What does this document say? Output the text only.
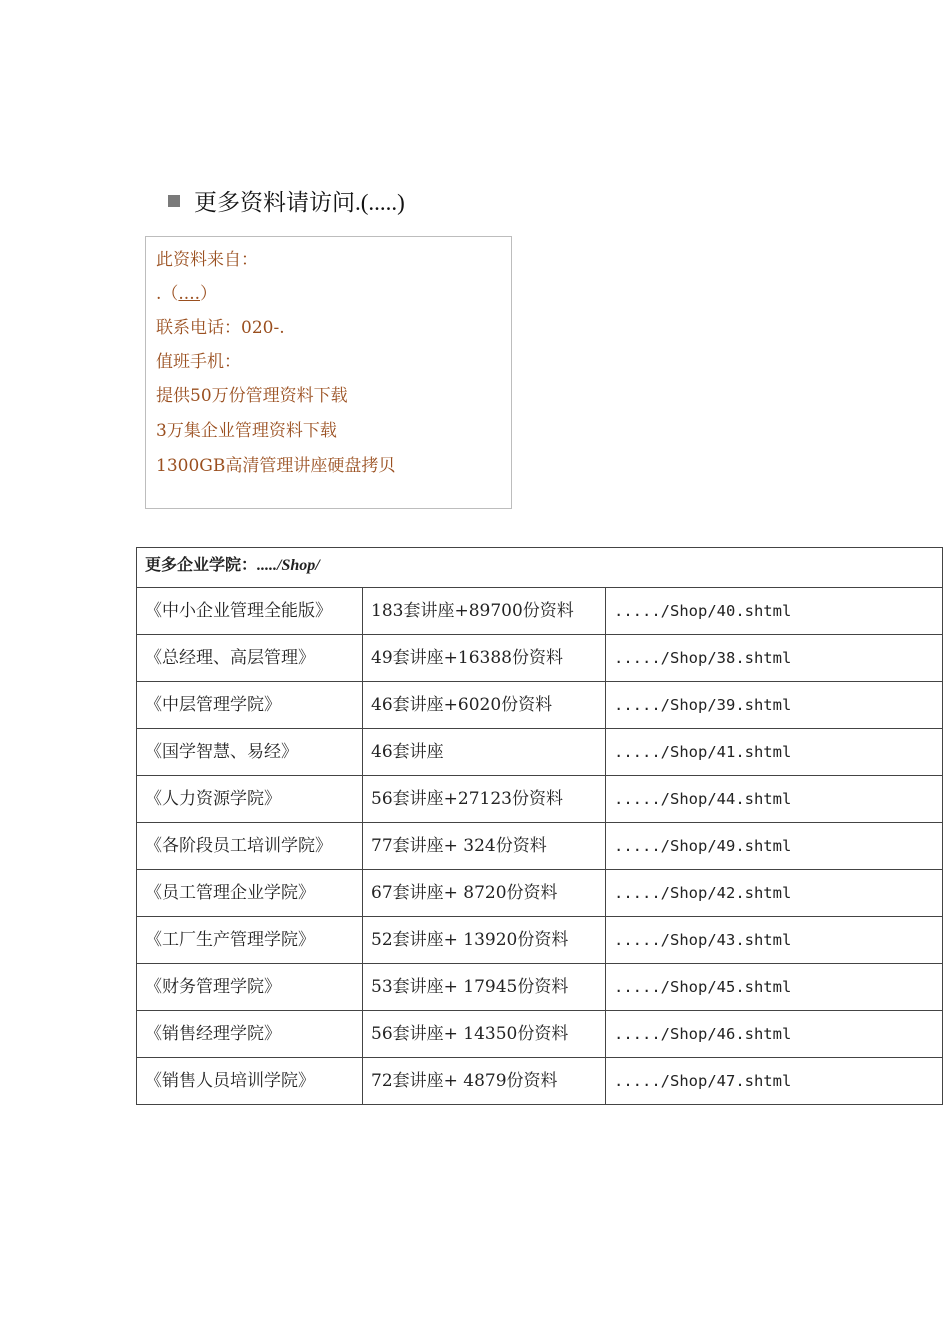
更多资料请访问.(.....)
此资料来自：
.（....）
联系电话：020-.
值班手机：
提供50万份管理资料下载
3万集企业管理资料下载
1300GB高清管理讲座硬盘拷贝
更多企业学院：...../Shop/		
《中小企业管理全能版》	183套讲座+89700份资料	...../Shop/40.shtml
《总经理、高层管理》	49套讲座+16388份资料	...../Shop/38.shtml
《中层管理学院》	46套讲座+6020份资料	...../Shop/39.shtml
《国学智慧、易经》	46套讲座	...../Shop/41.shtml
《人力资源学院》	56套讲座+27123份资料	...../Shop/44.shtml
《各阶段员工培训学院》	77套讲座+ 324份资料	...../Shop/49.shtml
《员工管理企业学院》	67套讲座+ 8720份资料	...../Shop/42.shtml
《工厂生产管理学院》	52套讲座+ 13920份资料	...../Shop/43.shtml
《财务管理学院》	53套讲座+ 17945份资料	...../Shop/45.shtml
《销售经理学院》	56套讲座+ 14350份资料	...../Shop/46.shtml
《销售人员培训学院》	72套讲座+ 4879份资料	...../Shop/47.shtml
